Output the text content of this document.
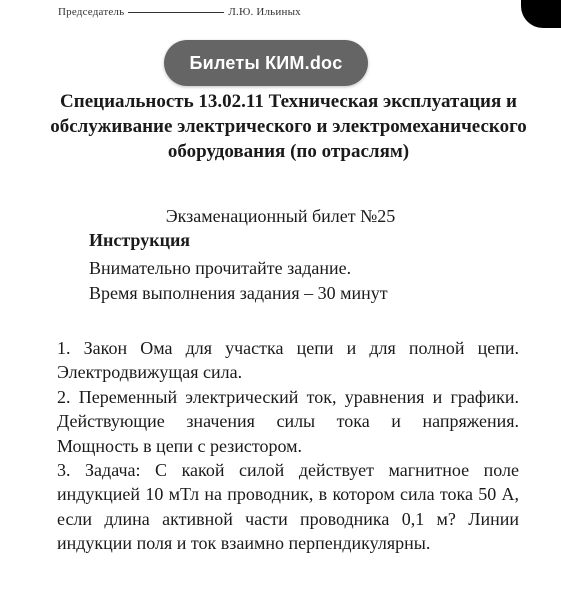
Председатель	Л.Ю. Ильиных
Специальность 13.02.11 Техническая эксплуатация и обслуживание электрического и электромеханического оборудования (по отраслям)
Экзаменационный билет №25
Инструкция
Внимательно прочитайте задание.
Время выполнения задания – 30 минут

1. Закон Ома для участка цепи и для полной цепи. Электродвижущая сила.

2. Переменный электрический ток, уравнения и графики. Действующие значения силы тока и напряжения. Мощность в цепи с резистором.

3. Задача: С какой силой действует магнитное поле индукцией 10 мТл на проводник, в котором сила тока 50 А, если длина активной части проводника 0,1 м? Линии индукции поля и ток взаимно перпендикулярны.

Билеты КИМ.doc
